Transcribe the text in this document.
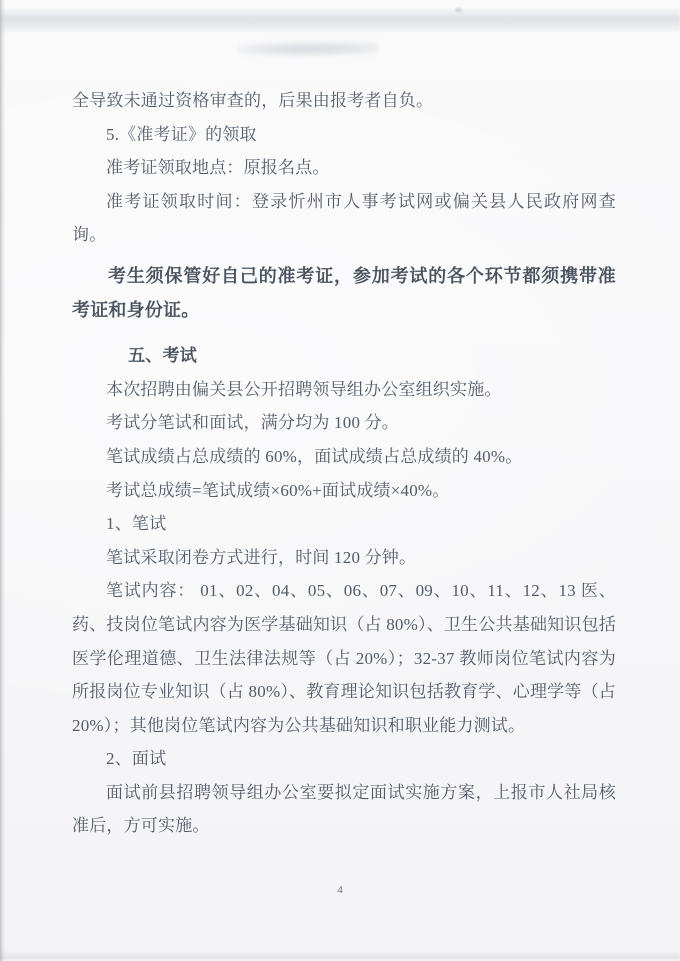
全导致未通过资格审查的，后果由报考者自负。

5.《准考证》的领取

准考证领取地点：原报名点。

准考证领取时间：登录忻州市人事考试网或偏关县人民政府网查询。

考生须保管好自己的准考证，参加考试的各个环节都须携带准考证和身份证。

五、考试

本次招聘由偏关县公开招聘领导组办公室组织实施。

考试分笔试和面试，满分均为 100 分。

笔试成绩占总成绩的 60%，面试成绩占总成绩的 40%。

考试总成绩=笔试成绩×60%+面试成绩×40%。

1、笔试

笔试采取闭卷方式进行，时间 120 分钟。

笔试内容： 01、02、04、05、06、07、09、10、11、12、13 医、药、技岗位笔试内容为医学基础知识（占 80%）、卫生公共基础知识包括医学伦理道德、卫生法律法规等（占 20%）；32-37 教师岗位笔试内容为所报岗位专业知识（占 80%）、教育理论知识包括教育学、心理学等（占 20%）；其他岗位笔试内容为公共基础知识和职业能力测试。

2、面试

面试前县招聘领导组办公室要拟定面试实施方案，上报市人社局核准后，方可实施。

4
